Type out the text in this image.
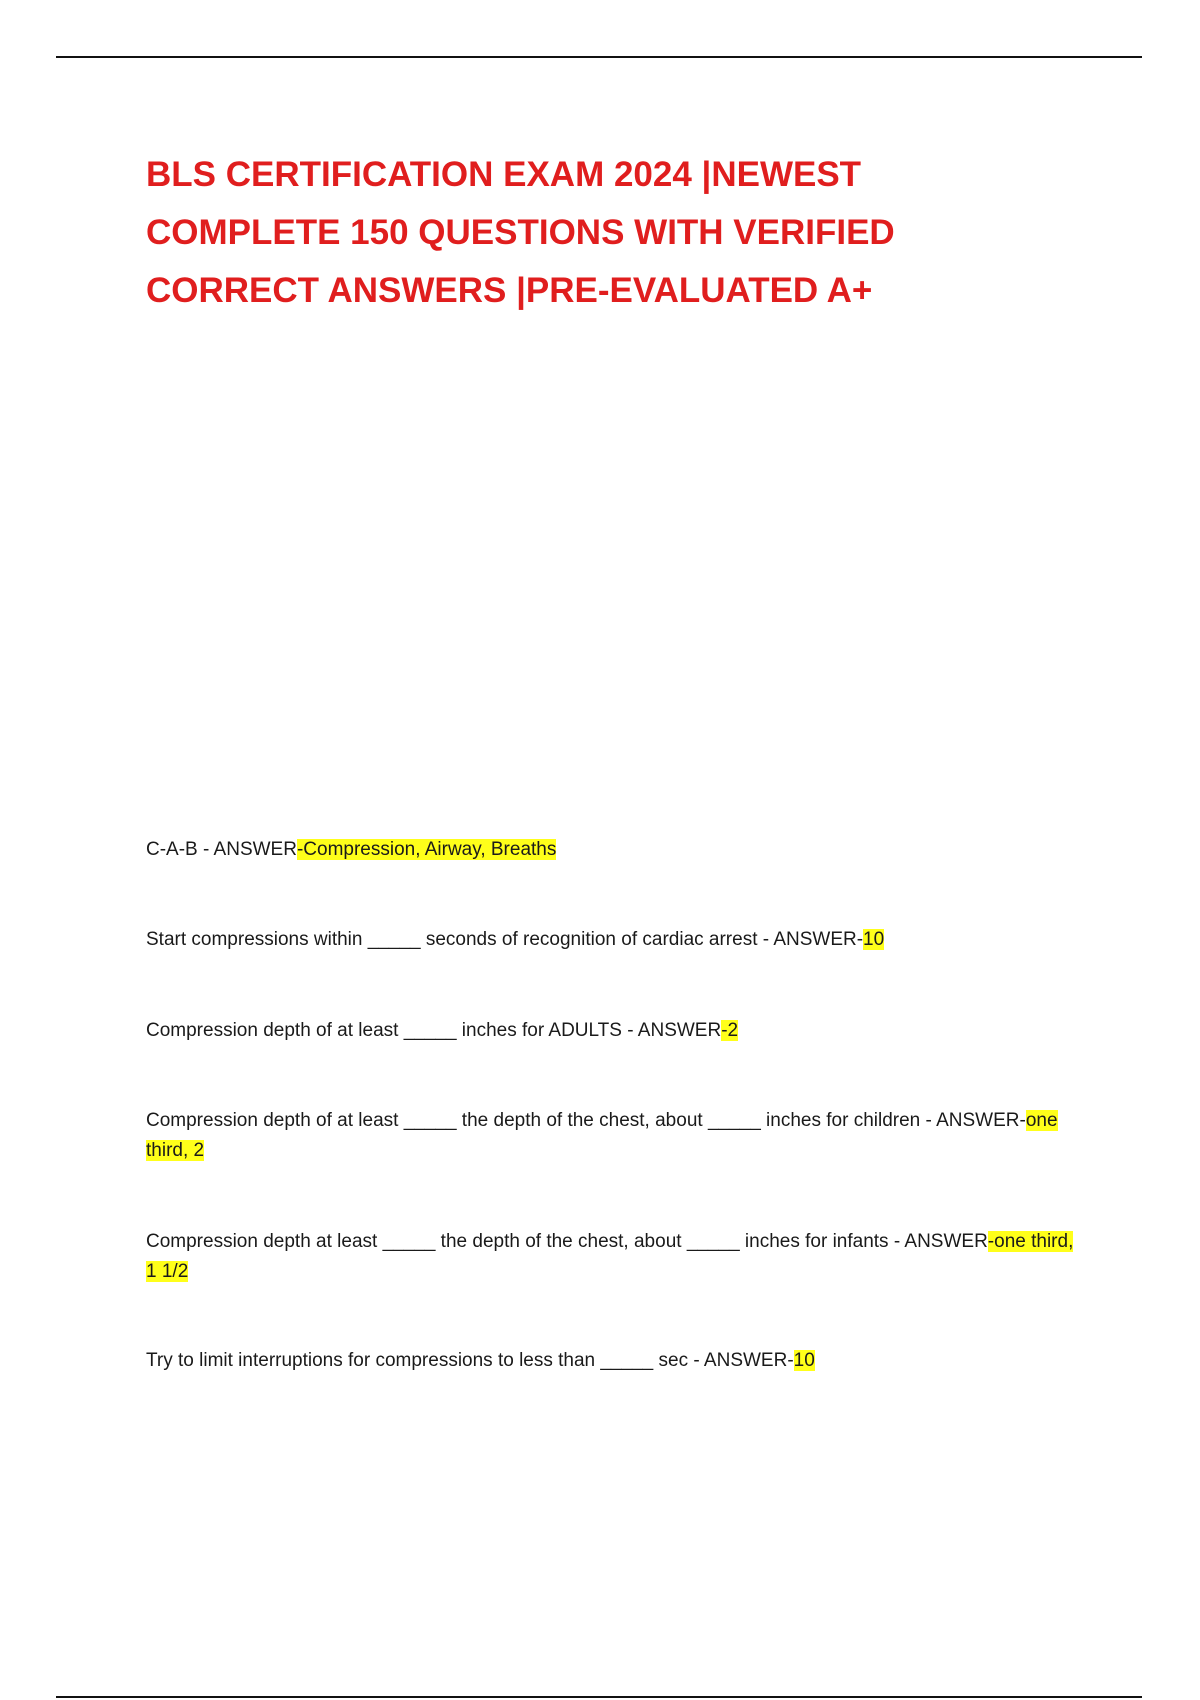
BLS CERTIFICATION EXAM 2024 |NEWEST
COMPLETE 150 QUESTIONS WITH VERIFIED
CORRECT ANSWERS |PRE-EVALUATED A+

C-A-B - ANSWER-Compression, Airway, Breaths

Start compressions within _____ seconds of recognition of cardiac arrest - ANSWER-10

Compression depth of at least _____ inches for ADULTS - ANSWER-2

Compression depth of at least _____ the depth of the chest, about _____ inches for children - ANSWER-one third, 2

Compression depth at least _____ the depth of the chest, about _____ inches for infants - ANSWER-one third, 1 1/2

Try to limit interruptions for compressions to less than _____ sec - ANSWER-10
